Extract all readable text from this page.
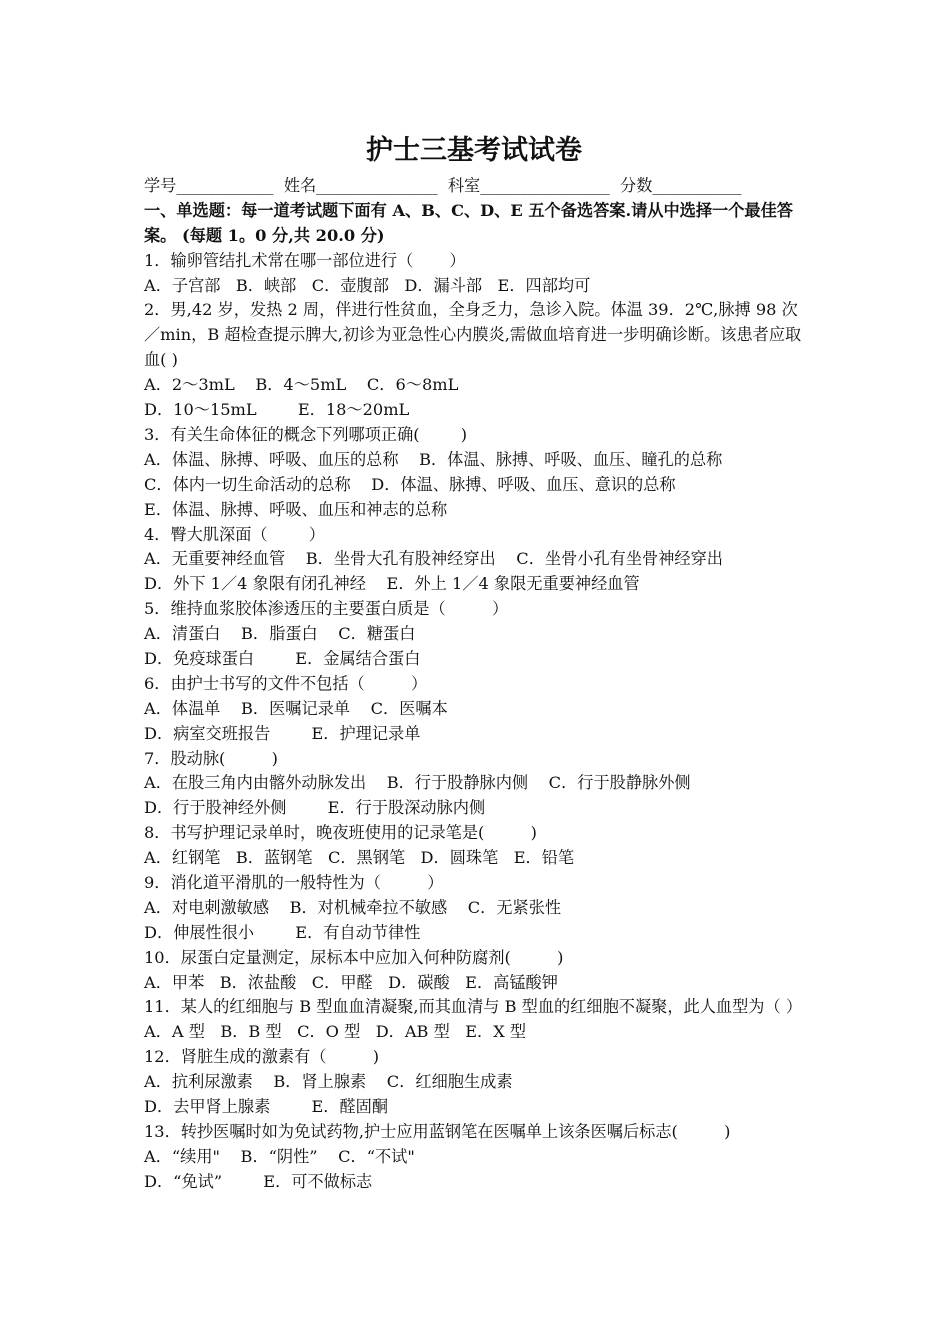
护士三基考试试卷
学号____________  姓名_______________  科室________________  分数___________
一、单选题：每一道考试题下面有 A、B、C、D、E 五个备选答案.请从中选择一个最佳答案。 (每题 1。0 分,共 20.0 分)
1．输卵管结扎术常在哪一部位进行（       ）
A．子宫部   B．峡部   C．壶腹部   D．漏斗部   E．四部均可
2．男,42 岁，发热 2 周，伴进行性贫血，全身乏力，急诊入院。体温 39．2℃,脉搏 98 次／min，B 超检查提示脾大,初诊为亚急性心内膜炎,需做血培育进一步明确诊断。该患者应取血( )
A．2～3mL    B．4～5mL    C．6～8mL
D．10～15mL        E．18～20mL
3．有关生命体征的概念下列哪项正确(        )
A．体温、脉搏、呼吸、血压的总称    B．体温、脉搏、呼吸、血压、瞳孔的总称
C．体内一切生命活动的总称    D．体温、脉搏、呼吸、血压、意识的总称
E．体温、脉搏、呼吸、血压和神志的总称
4．臀大肌深面（        ）
A．无重要神经血管    B．坐骨大孔有股神经穿出    C．坐骨小孔有坐骨神经穿出
D．外下 1／4 象限有闭孔神经    E．外上 1／4 象限无重要神经血管
5．维持血浆胶体渗透压的主要蛋白质是（         ）
A．清蛋白    B．脂蛋白    C．糖蛋白
D．免疫球蛋白        E．金属结合蛋白
6．由护士书写的文件不包括（         ）
A．体温单    B．医嘱记录单    C．医嘱本
D．病室交班报告        E．护理记录单
7．股动脉(         )
A．在股三角内由髂外动脉发出    B．行于股静脉内侧    C．行于股静脉外侧
D．行于股神经外侧        E．行于股深动脉内侧
8．书写护理记录单时，晚夜班使用的记录笔是(         )
A．红钢笔   B．蓝钢笔   C．黑钢笔   D．圆珠笔   E．铅笔
9．消化道平滑肌的一般特性为（         ）
A．对电刺激敏感    B．对机械牵拉不敏感    C．无紧张性
D．伸展性很小        E．有自动节律性
10．尿蛋白定量测定，尿标本中应加入何种防腐剂(         )
A．甲苯   B．浓盐酸   C．甲醛   D．碳酸   E．高锰酸钾
11．某人的红细胞与 B 型血血清凝聚,而其血清与 B 型血的红细胞不凝聚，此人血型为（ ）
A．A 型   B．B 型   C．O 型   D．AB 型   E．X 型
12．肾脏生成的激素有（         )
A．抗利尿激素    B．肾上腺素    C．红细胞生成素
D．去甲肾上腺素        E．醛固酮
13．转抄医嘱时如为免试药物,护士应用蓝钢笔在医嘱单上该条医嘱后标志(         )
A．“续用"    B．“阴性”    C．“不试"
D．“免试”        E．可不做标志
